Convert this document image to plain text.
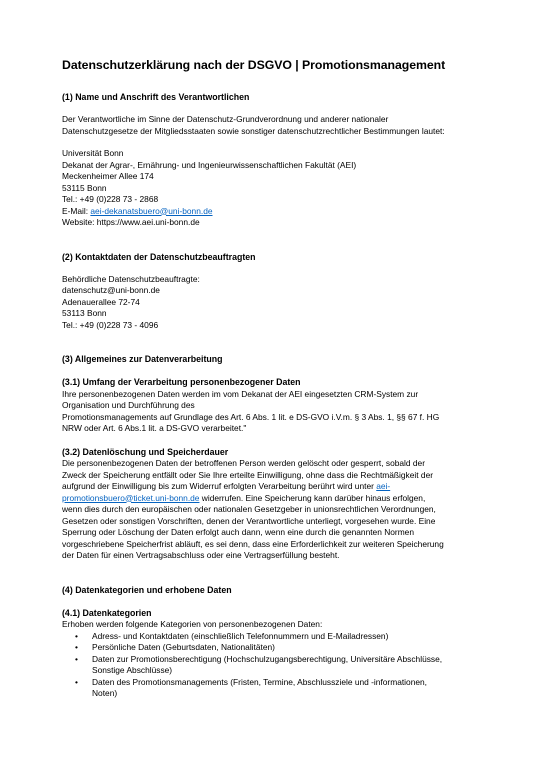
Datenschutzerklärung nach der DSGVO | Promotionsmanagement
(1) Name und Anschrift des Verantwortlichen
Der Verantwortliche im Sinne der Datenschutz-Grundverordnung und anderer nationaler
Datenschutzgesetze der Mitgliedsstaaten sowie sonstiger datenschutzrechtlicher Bestimmungen lautet:
Universität Bonn
Dekanat der Agrar-, Ernährung- und Ingenieurwissenschaftlichen Fakultät (AEI)
Meckenheimer Allee 174
53115 Bonn
Tel.: +49 (0)228 73 - 2868
E-Mail: aei-dekanatsbuero@uni-bonn.de
Website: https://www.aei.uni-bonn.de
(2) Kontaktdaten der Datenschutzbeauftragten
Behördliche Datenschutzbeauftragte:
datenschutz@uni-bonn.de
Adenauerallee 72-74
53113 Bonn
Tel.: +49 (0)228 73 - 4096
(3) Allgemeines zur Datenverarbeitung
(3.1) Umfang der Verarbeitung personenbezogener Daten
Ihre personenbezogenen Daten werden im vom Dekanat der AEI eingesetzten CRM-System zur
Organisation und Durchführung des
Promotionsmanagements auf Grundlage des Art. 6 Abs. 1 lit. e DS-GVO i.V.m. § 3 Abs. 1, §§ 67 f. HG
NRW oder Art. 6 Abs.1 lit. a DS-GVO verarbeitet."
(3.2) Datenlöschung und Speicherdauer
Die personenbezogenen Daten der betroffenen Person werden gelöscht oder gesperrt, sobald der
Zweck der Speicherung entfällt oder Sie Ihre erteilte Einwilligung, ohne dass die Rechtmäßigkeit der
aufgrund der Einwilligung bis zum Widerruf erfolgten Verarbeitung berührt wird unter aei-
promotionsbuero@ticket.uni-bonn.de widerrufen. Eine Speicherung kann darüber hinaus erfolgen,
wenn dies durch den europäischen oder nationalen Gesetzgeber in unionsrechtlichen Verordnungen,
Gesetzen oder sonstigen Vorschriften, denen der Verantwortliche unterliegt, vorgesehen wurde. Eine
Sperrung oder Löschung der Daten erfolgt auch dann, wenn eine durch die genannten Normen
vorgeschriebene Speicherfrist abläuft, es sei denn, dass eine Erforderlichkeit zur weiteren Speicherung
der Daten für einen Vertragsabschluss oder eine Vertragserfüllung besteht.
(4) Datenkategorien und erhobene Daten
(4.1) Datenkategorien
Erhoben werden folgende Kategorien von personenbezogenen Daten:
• Adress- und Kontaktdaten (einschließlich Telefonnummern und E-Mailadressen)
• Persönliche Daten (Geburtsdaten, Nationalitäten)
• Daten zur Promotionsberechtigung (Hochschulzugangsberechtigung, Universitäre Abschlüsse,
Sonstige Abschlüsse)
• Daten des Promotionsmanagements (Fristen, Termine, Abschlussziele und -informationen,
Noten)
